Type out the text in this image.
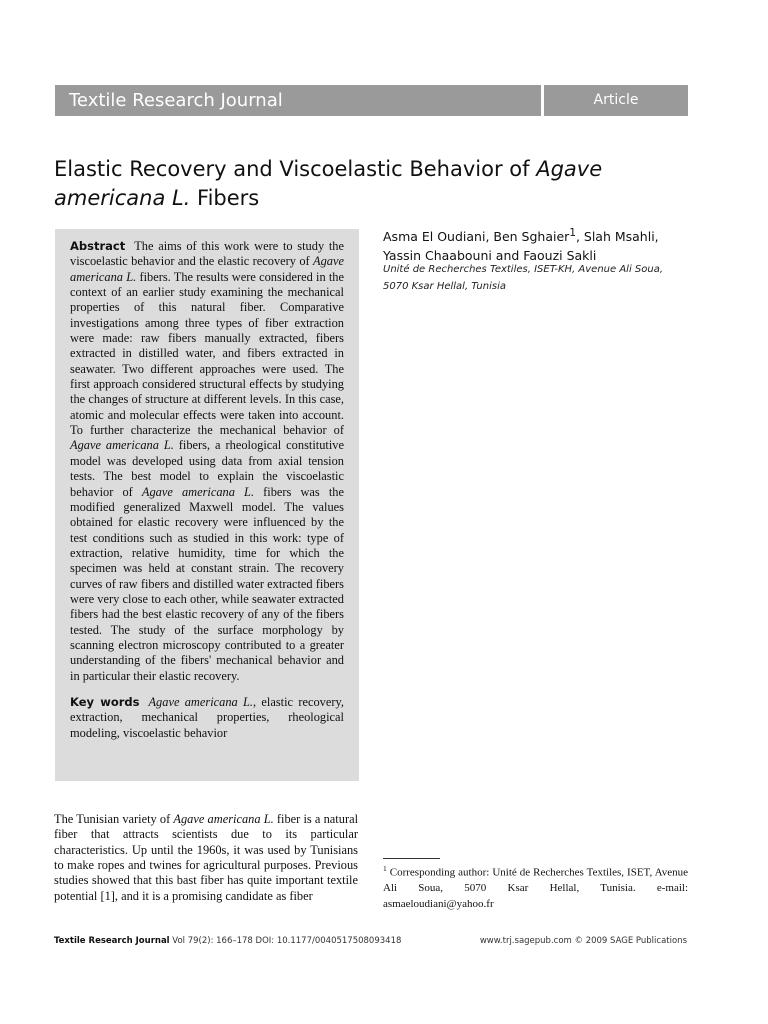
Textile Research Journal	Article
Elastic Recovery and Viscoelastic Behavior of Agave americana L. Fibers
Asma El Oudiani, Ben Sghaier$^1$, Slah Msahli,
Yassin Chaabouni and Faouzi Sakli
Unité de Recherches Textiles, ISET-KH, Avenue Ali Soua,
5070 Ksar Hellal, Tunisia

Abstract The aims of this work were to study the viscoelastic behavior and the elastic recovery of Agave americana L. fibers. The results were considered in the context of an earlier study examining the mechanical properties of this natural fiber. Comparative investigations among three types of fiber extraction were made: raw fibers manually extracted, fibers extracted in distilled water, and fibers extracted in seawater. Two different approaches were used. The first approach considered structural effects by studying the changes of structure at different levels. In this case, atomic and molecular effects were taken into account. To further characterize the mechanical behavior of Agave americana L. fibers, a rheological constitutive model was developed using data from axial tension tests. The best model to explain the viscoelastic behavior of Agave americana L. fibers was the modified generalized Maxwell model. The values obtained for elastic recovery were influenced by the test conditions such as studied in this work: type of extraction, relative humidity, time for which the specimen was held at constant strain. The recovery curves of raw fibers and distilled water extracted fibers were very close to each other, while seawater extracted fibers had the best elastic recovery of any of the fibers tested. The study of the surface morphology by scanning electron microscopy contributed to a greater understanding of the fibers' mechanical behavior and in particular their elastic recovery.

Key words Agave americana L., elastic recovery, extraction, mechanical properties, rheological modeling, viscoelastic behavior

The Tunisian variety of Agave americana L. fiber is a natural fiber that attracts scientists due to its particular characteristics. Up until the 1960s, it was used by Tunisians to make ropes and twines for agricultural purposes. Previous studies showed that this bast fiber has quite important textile potential [1], and it is a promising candidate as fiber

$^1$ Corresponding author: Unité de Recherches Textiles, ISET, Avenue Ali Soua, 5070 Ksar Hellal, Tunisia. e-mail: asmaeloudiani@yahoo.fr

Textile Research Journal Vol 79(2): 166–178 DOI: 10.1177/0040517508093418	www.trj.sagepub.com © 2009 SAGE Publications
